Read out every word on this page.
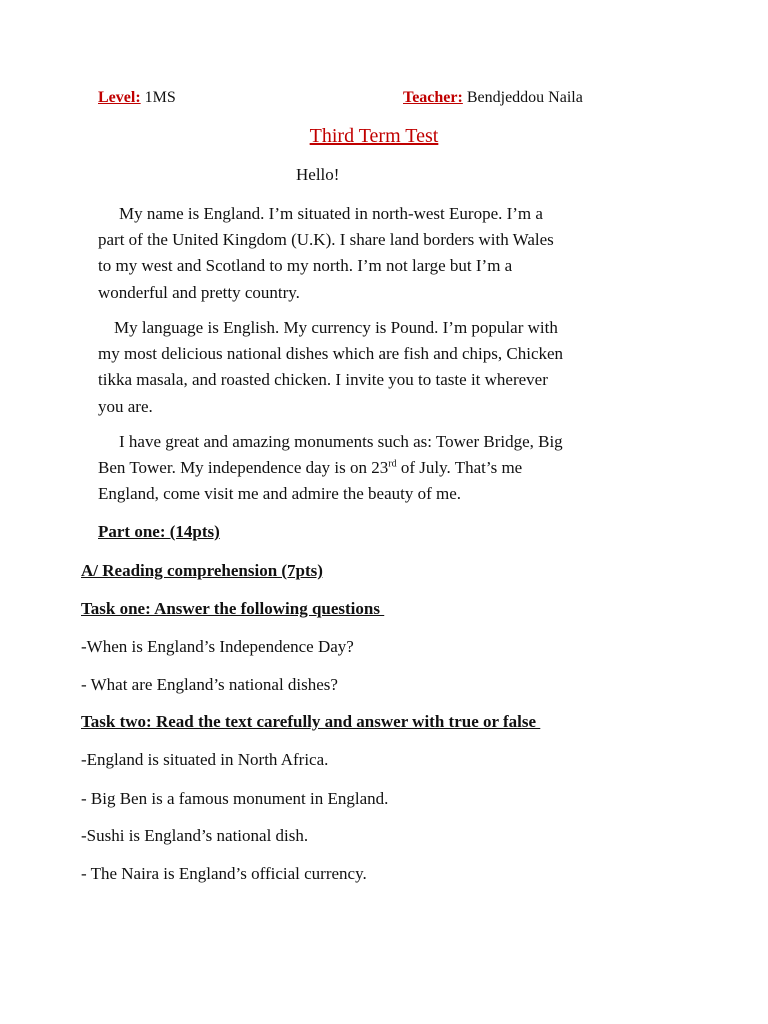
Level: 1MS	Teacher: Bendjeddou Naila
Third Term Test
Hello!
My name is England. I’m situated in north-west Europe. I’m a
part of the United Kingdom (U.K). I share land borders with Wales
to my west and Scotland to my north. I’m not large but I’m a
wonderful and pretty country.
My language is English. My currency is Pound. I’m popular with
my most delicious national dishes which are fish and chips, Chicken
tikka masala, and roasted chicken. I invite you to taste it wherever
you are.
I have great and amazing monuments such as: Tower Bridge, Big
Ben Tower. My independence day is on 23rd of July. That’s me
England, come visit me and admire the beauty of me.
Part one: (14pts)
A/ Reading comprehension (7pts)
Task one: Answer the following questions
-When is England’s Independence Day?
- What are England’s national dishes?
Task two: Read the text carefully and answer with true or false
-England is situated in North Africa.
- Big Ben is a famous monument in England.
-Sushi is England’s national dish.
- The Naira is England’s official currency.
